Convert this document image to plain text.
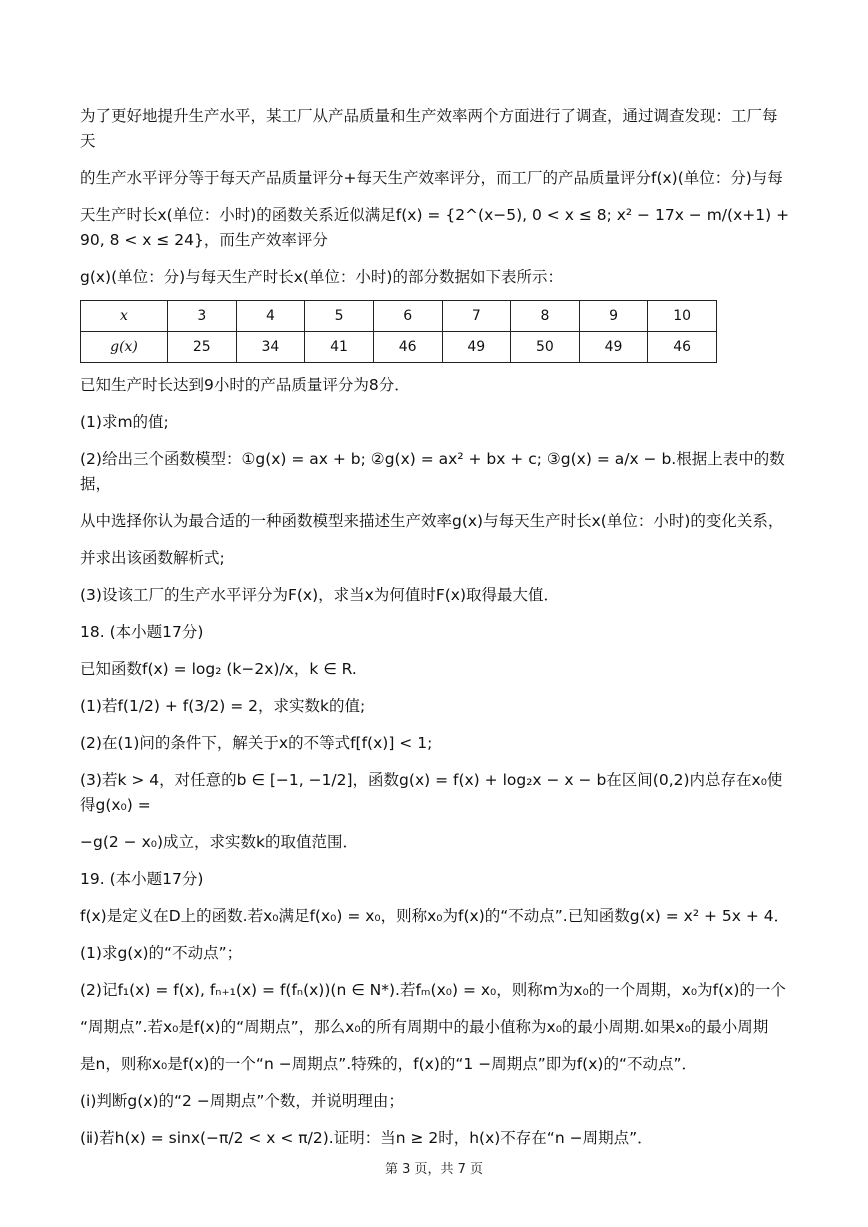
为了更好地提升生产水平，某工厂从产品质量和生产效率两个方面进行了调查，通过调查发现：工厂每天

的生产水平评分等于每天产品质量评分+每天生产效率评分，而工厂的产品质量评分f(x)(单位：分)与每

天生产时长x(单位：小时)的函数关系近似满足f(x) = {2^(x−5), 0 < x ≤ 8; x² − 17x − m/(x+1) + 90, 8 < x ≤ 24}，而生产效率评分

g(x)(单位：分)与每天生产时长x(单位：小时)的部分数据如下表所示：

x	3	4	5	6	7	8	9	10
g(x)	25	34	41	46	49	50	49	46

已知生产时长达到9小时的产品质量评分为8分．

(1)求m的值;

(2)给出三个函数模型：①g(x) = ax + b; ②g(x) = ax² + bx + c; ③g(x) = a/x − b.根据上表中的数据，

从中选择你认为最合适的一种函数模型来描述生产效率g(x)与每天生产时长x(单位：小时)的变化关系，

并求出该函数解析式;

(3)设该工厂的生产水平评分为F(x)，求当x为何值时F(x)取得最大值．

18. (本小题17分)

已知函数f(x) = log₂ (k−2x)/x，k ∈ R.

(1)若f(1/2) + f(3/2) = 2，求实数k的值;

(2)在(1)问的条件下，解关于x的不等式f[f(x)] < 1;

(3)若k > 4，对任意的b ∈ [−1, −1/2]，函数g(x) = f(x) + log₂x − x − b在区间(0,2)内总存在x₀使得g(x₀) =

−g(2 − x₀)成立，求实数k的取值范围．

19. (本小题17分)

f(x)是定义在D上的函数.若x₀满足f(x₀) = x₀，则称x₀为f(x)的“不动点”.已知函数g(x) = x² + 5x + 4．

(1)求g(x)的“不动点”；

(2)记f₁(x) = f(x), fₙ₊₁(x) = f(fₙ(x))(n ∈ N*).若fₘ(x₀) = x₀，则称m为x₀的一个周期，x₀为f(x)的一个

“周期点”.若x₀是f(x)的“周期点”，那么x₀的所有周期中的最小值称为x₀的最小周期.如果x₀的最小周期

是n，则称x₀是f(x)的一个“n −周期点”.特殊的，f(x)的“1 −周期点”即为f(x)的“不动点”．

(ⅰ)判断g(x)的“2 −周期点”个数，并说明理由；

(ⅱ)若h(x) = sinx(−π/2 < x < π/2).证明：当n ≥ 2时，h(x)不存在“n −周期点”．

第 3 页，共 7 页
